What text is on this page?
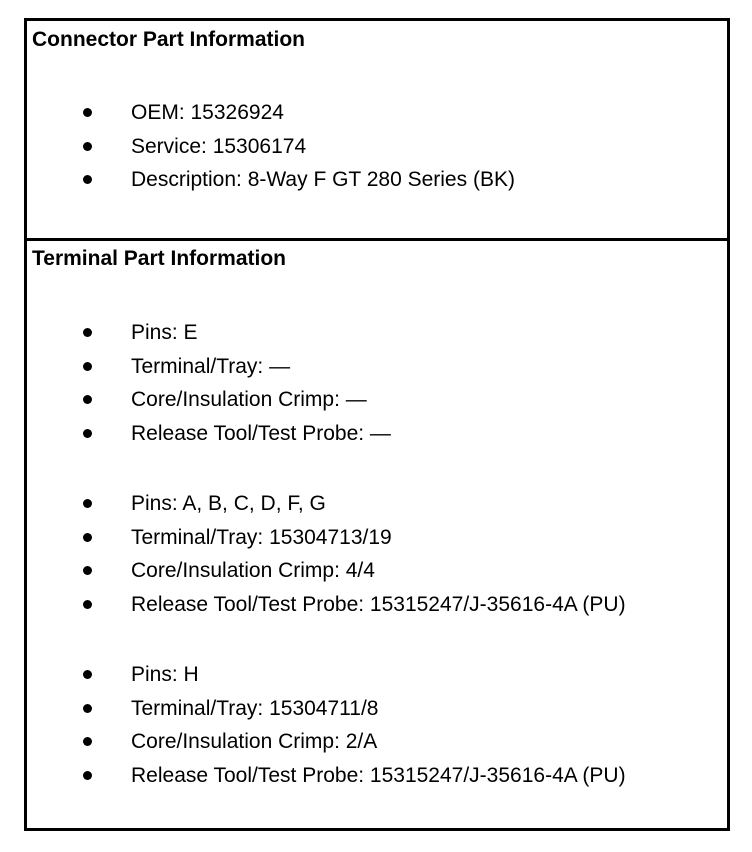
Connector Part Information
OEM: 15326924
Service: 15306174
Description: 8-Way F GT 280 Series (BK)
Terminal Part Information
Pins: E
Terminal/Tray: —
Core/Insulation Crimp: —
Release Tool/Test Probe: —
Pins: A, B, C, D, F, G
Terminal/Tray: 15304713/19
Core/Insulation Crimp: 4/4
Release Tool/Test Probe: 15315247/J-35616-4A (PU)
Pins: H
Terminal/Tray: 15304711/8
Core/Insulation Crimp: 2/A
Release Tool/Test Probe: 15315247/J-35616-4A (PU)
